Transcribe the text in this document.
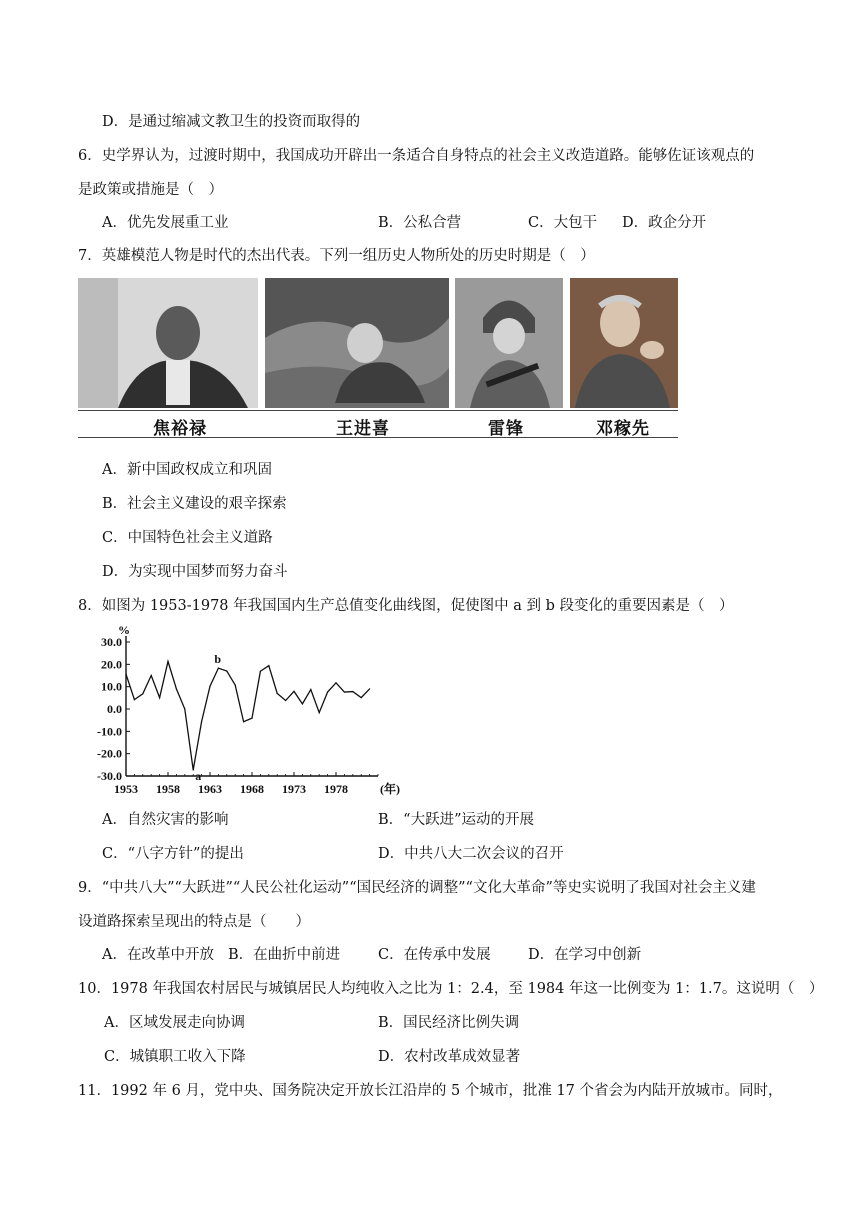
D．是通过缩减文教卫生的投资而取得的
6．史学界认为，过渡时期中，我国成功开辟出一条适合自身特点的社会主义改造道路。能够佐证该观点的
是政策或措施是（　）
A．优先发展重工业	B．公私合营	C．大包干 D．政企分开
7．英雄模范人物是时代的杰出代表。下列一组历史人物所处的历史时期是（　）
焦裕禄	王进喜	雷锋	邓稼先
A．新中国政权成立和巩固
B．社会主义建设的艰辛探索
C．中国特色社会主义道路
D．为实现中国梦而努力奋斗
8．如图为 1953-1978 年我国国内生产总值变化曲线图，促使图中 a 到 b 段变化的重要因素是（　）
30.0
20.0
10.0
0.0
-10.0
-20.0
-30.0
1953 1958 1963 1968 1973 1978
%
(年)
a
b
A．自然灾害的影响	B．“大跃进”运动的开展
C．“八字方针”的提出	D．中共八大二次会议的召开
9．“中共八大”“大跃进”“人民公社化运动”“国民经济的调整”“文化大革命”等史实说明了我国对社会主义建
设道路探索呈现出的特点是（　　）
A．在改革中开放 B．在曲折中前进	C．在传承中发展	D．在学习中创新
10．1978 年我国农村居民与城镇居民人均纯收入之比为 1：2.4，至 1984 年这一比例变为 1：1.7。这说明（　）
A．区域发展走向协调	B．国民经济比例失调
C．城镇职工收入下降	D．农村改革成效显著
11．1992 年 6 月，党中央、国务院决定开放长江沿岸的 5 个城市，批准 17 个省会为内陆开放城市。同时，
